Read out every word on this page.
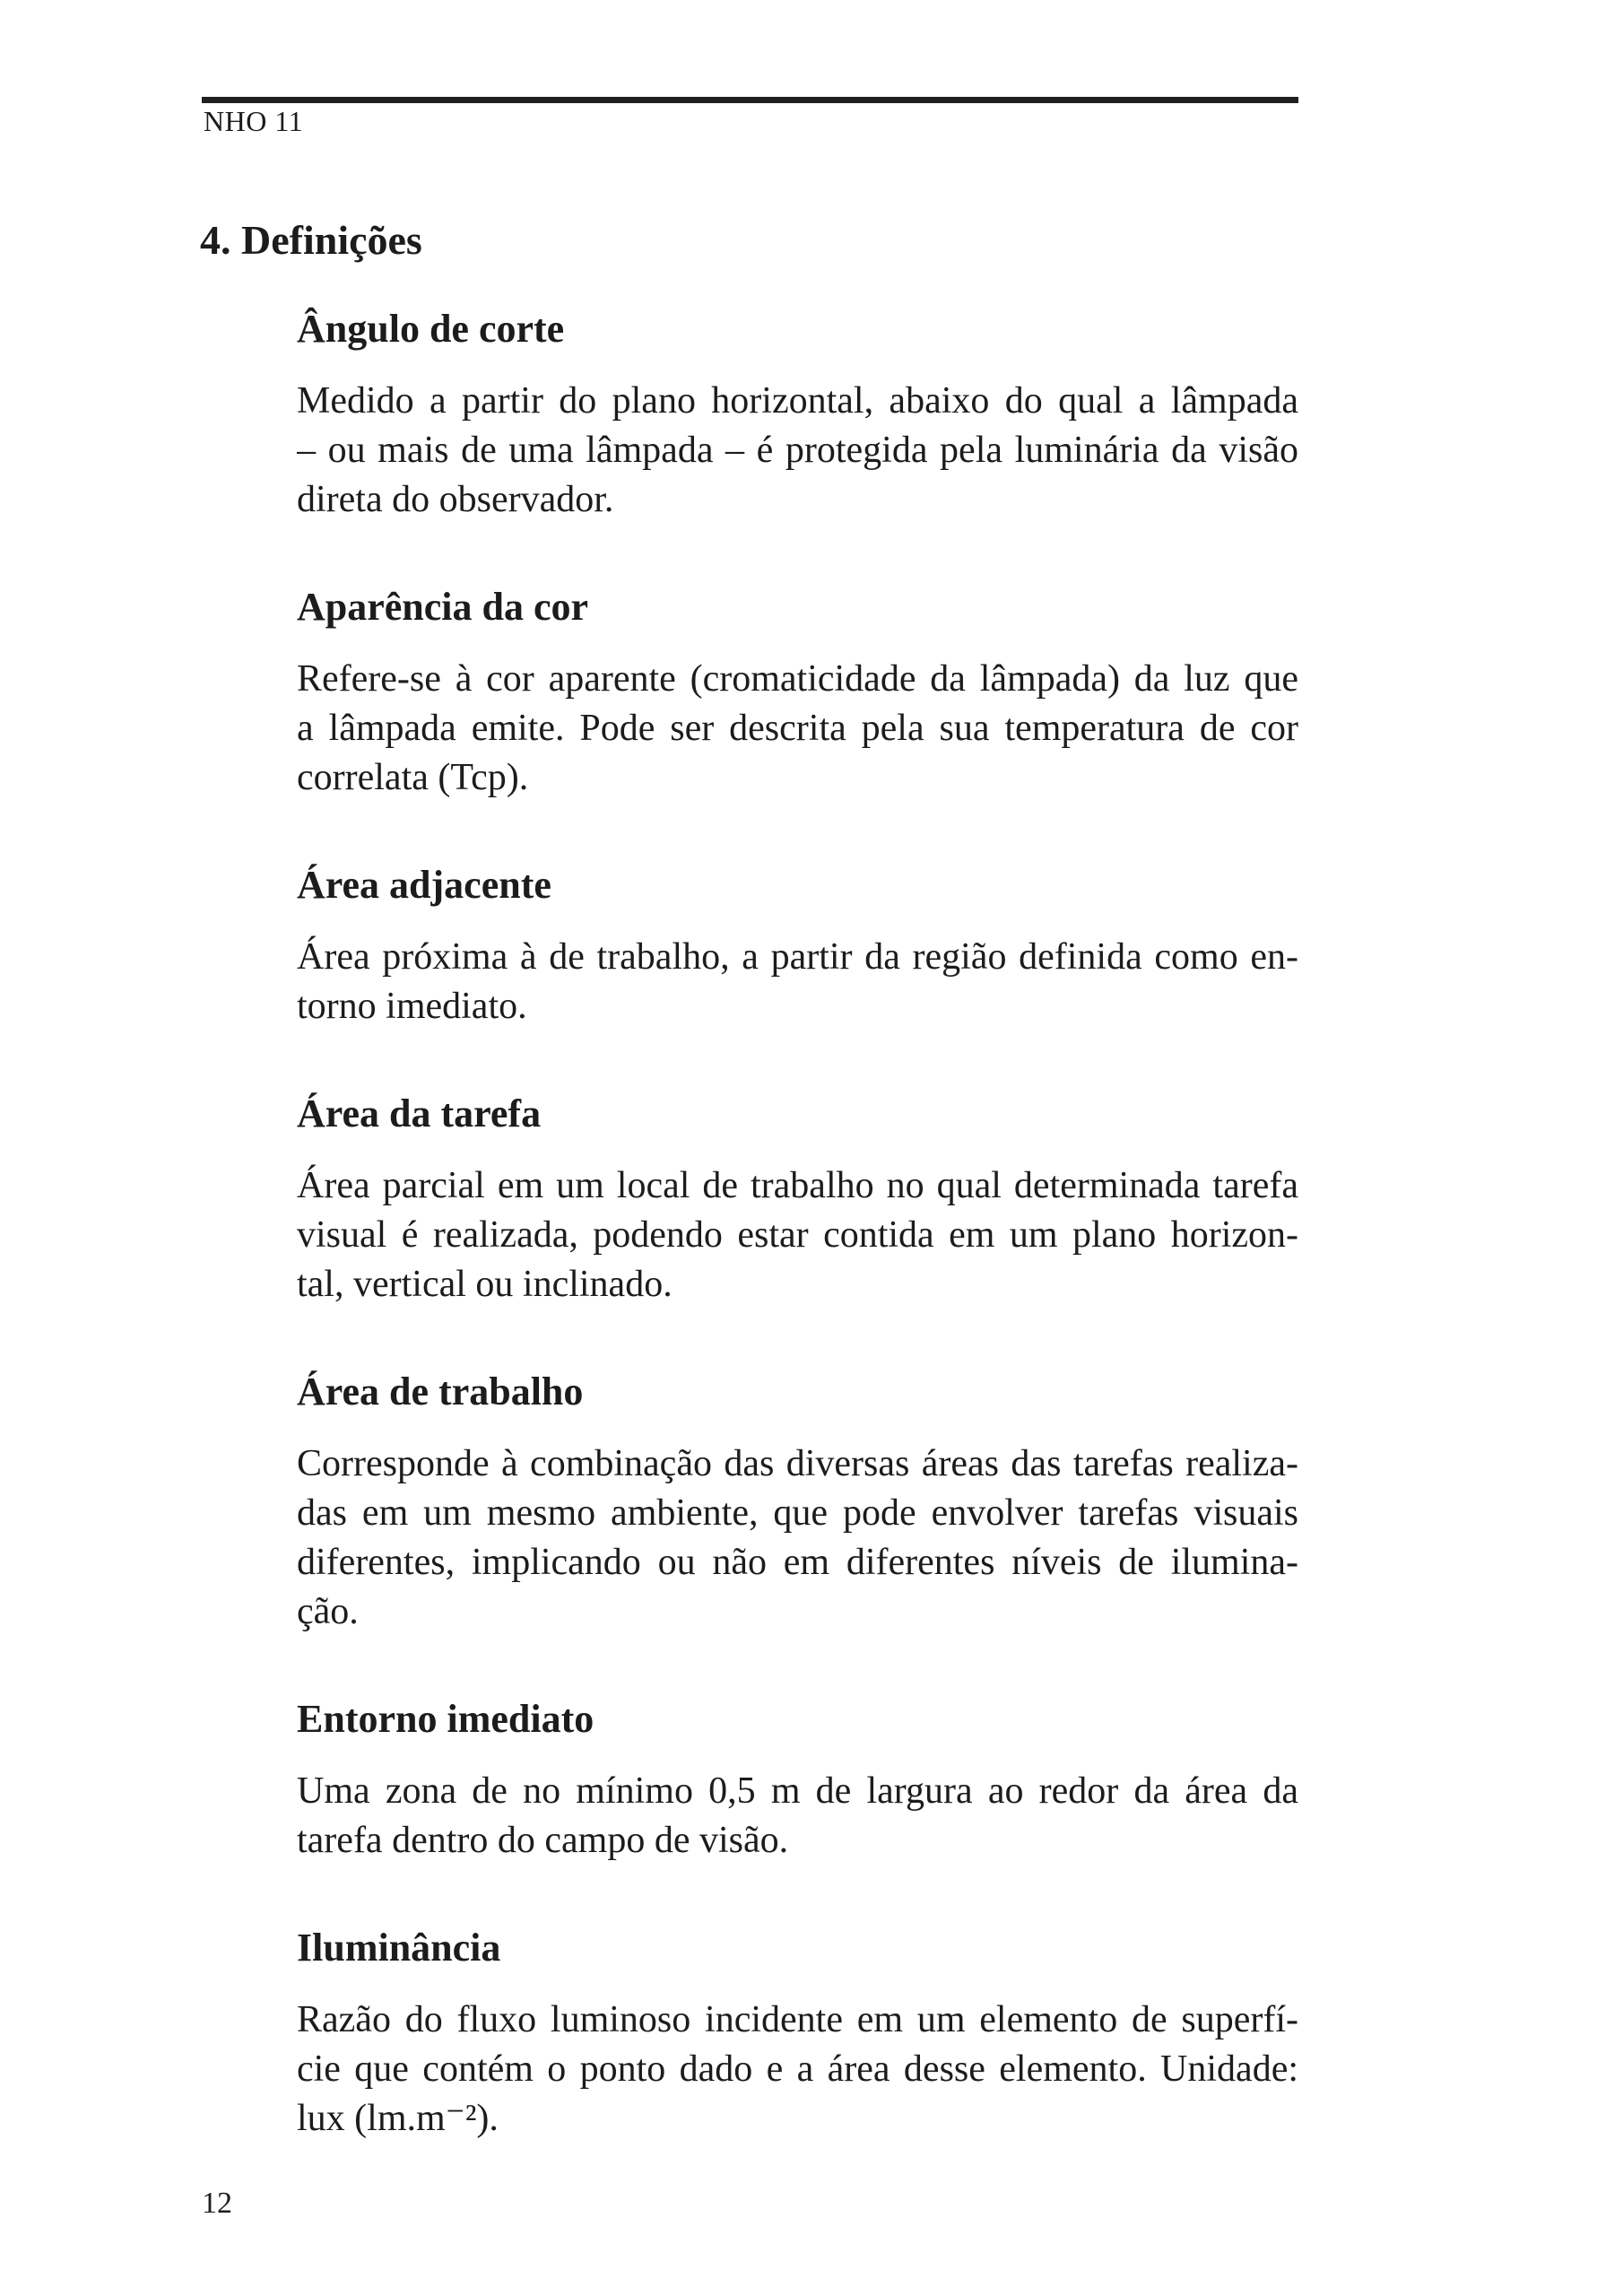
NHO 11
4. Definições
Ângulo de corte
Medido a partir do plano horizontal, abaixo do qual a lâmpada
– ou mais de uma lâmpada – é protegida pela luminária da visão
direta do observador.
Aparência da cor
Refere-se à cor aparente (cromaticidade da lâmpada) da luz que
a lâmpada emite. Pode ser descrita pela sua temperatura de cor
correlata (Tcp).
Área adjacente
Área próxima à de trabalho, a partir da região definida como en-
torno imediato.
Área da tarefa
Área parcial em um local de trabalho no qual determinada tarefa
visual é realizada, podendo estar contida em um plano horizon-
tal, vertical ou inclinado.
Área de trabalho
Corresponde à combinação das diversas áreas das tarefas realiza-
das em um mesmo ambiente, que pode envolver tarefas visuais
diferentes, implicando ou não em diferentes níveis de ilumina-
ção.
Entorno imediato
Uma zona de no mínimo 0,5 m de largura ao redor da área da
tarefa dentro do campo de visão.
Iluminância
Razão do fluxo luminoso incidente em um elemento de superfí-
cie que contém o ponto dado e a área desse elemento. Unidade:
lux (lm.m⁻²).
12
